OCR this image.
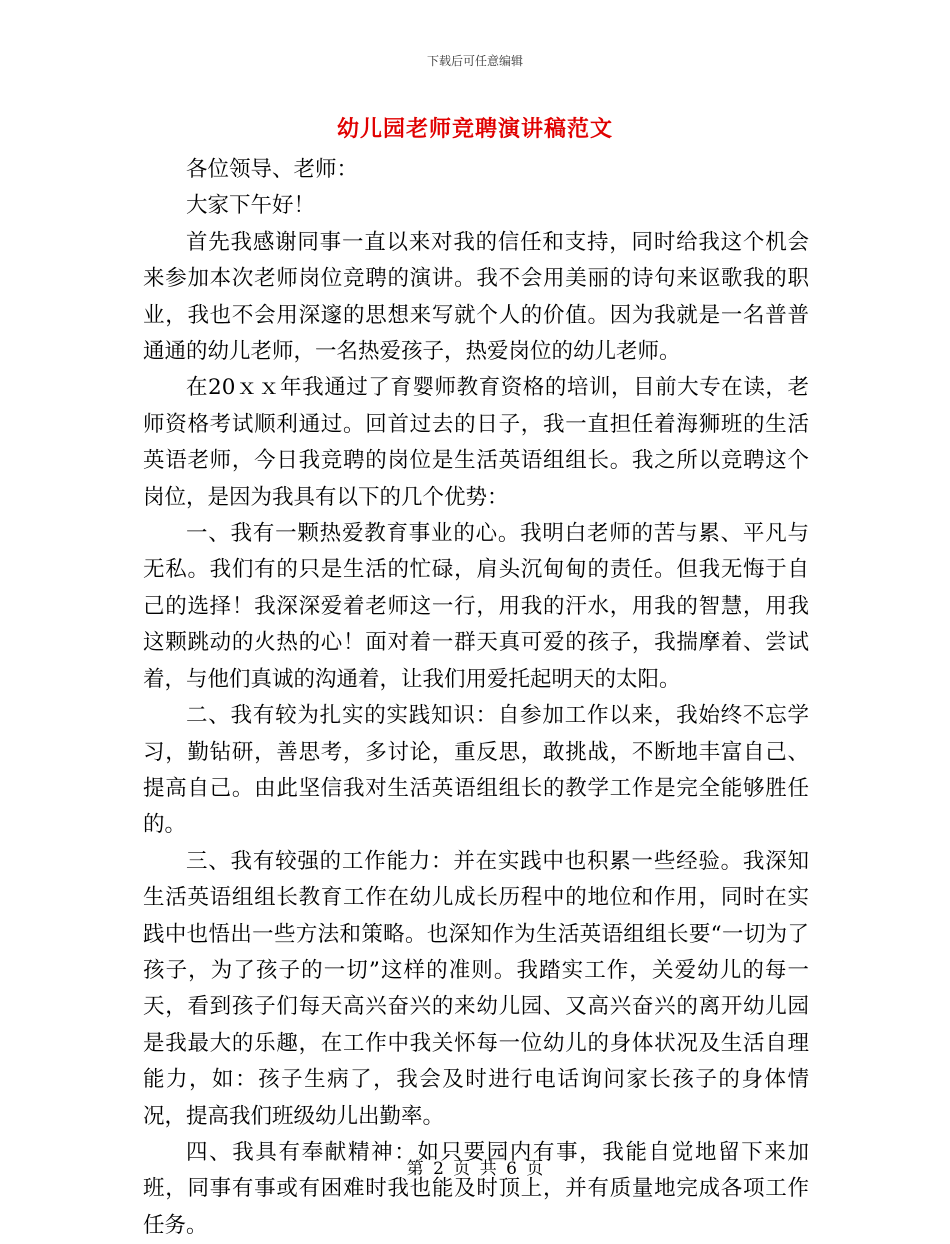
下载后可任意编辑
幼儿园老师竞聘演讲稿范文

各位领导、老师：

大家下午好！

首先我感谢同事一直以来对我的信任和支持，同时给我这个机会来参加本次老师岗位竞聘的演讲。我不会用美丽的诗句来讴歌我的职业，我也不会用深邃的思想来写就个人的价值。因为我就是一名普普通通的幼儿老师，一名热爱孩子，热爱岗位的幼儿老师。

在20ｘｘ年我通过了育婴师教育资格的培训，目前大专在读，老师资格考试顺利通过。回首过去的日子，我一直担任着海狮班的生活英语老师，今日我竞聘的岗位是生活英语组组长。我之所以竞聘这个岗位，是因为我具有以下的几个优势：

一、我有一颗热爱教育事业的心。我明白老师的苦与累、平凡与无私。我们有的只是生活的忙碌，肩头沉甸甸的责任。但我无悔于自己的选择！我深深爱着老师这一行，用我的汗水，用我的智慧，用我这颗跳动的火热的心！面对着一群天真可爱的孩子，我揣摩着、尝试着，与他们真诚的沟通着，让我们用爱托起明天的太阳。

二、我有较为扎实的实践知识：自参加工作以来，我始终不忘学习，勤钻研，善思考，多讨论，重反思，敢挑战，不断地丰富自己、提高自己。由此坚信我对生活英语组组长的教学工作是完全能够胜任的。

三、我有较强的工作能力：并在实践中也积累一些经验。我深知生活英语组组长教育工作在幼儿成长历程中的地位和作用，同时在实践中也悟出一些方法和策略。也深知作为生活英语组组长要“一切为了孩子，为了孩子的一切”这样的准则。我踏实工作，关爱幼儿的每一天，看到孩子们每天高兴奋兴的来幼儿园、又高兴奋兴的离开幼儿园是我最大的乐趣，在工作中我关怀每一位幼儿的身体状况及生活自理能力，如：孩子生病了，我会及时进行电话询问家长孩子的身体情况，提高我们班级幼儿出勤率。

四、我具有奉献精神：如只要园内有事，我能自觉地留下来加班，同事有事或有困难时我也能及时顶上，并有质量地完成各项工作任务。

第 2 页 共 6 页
